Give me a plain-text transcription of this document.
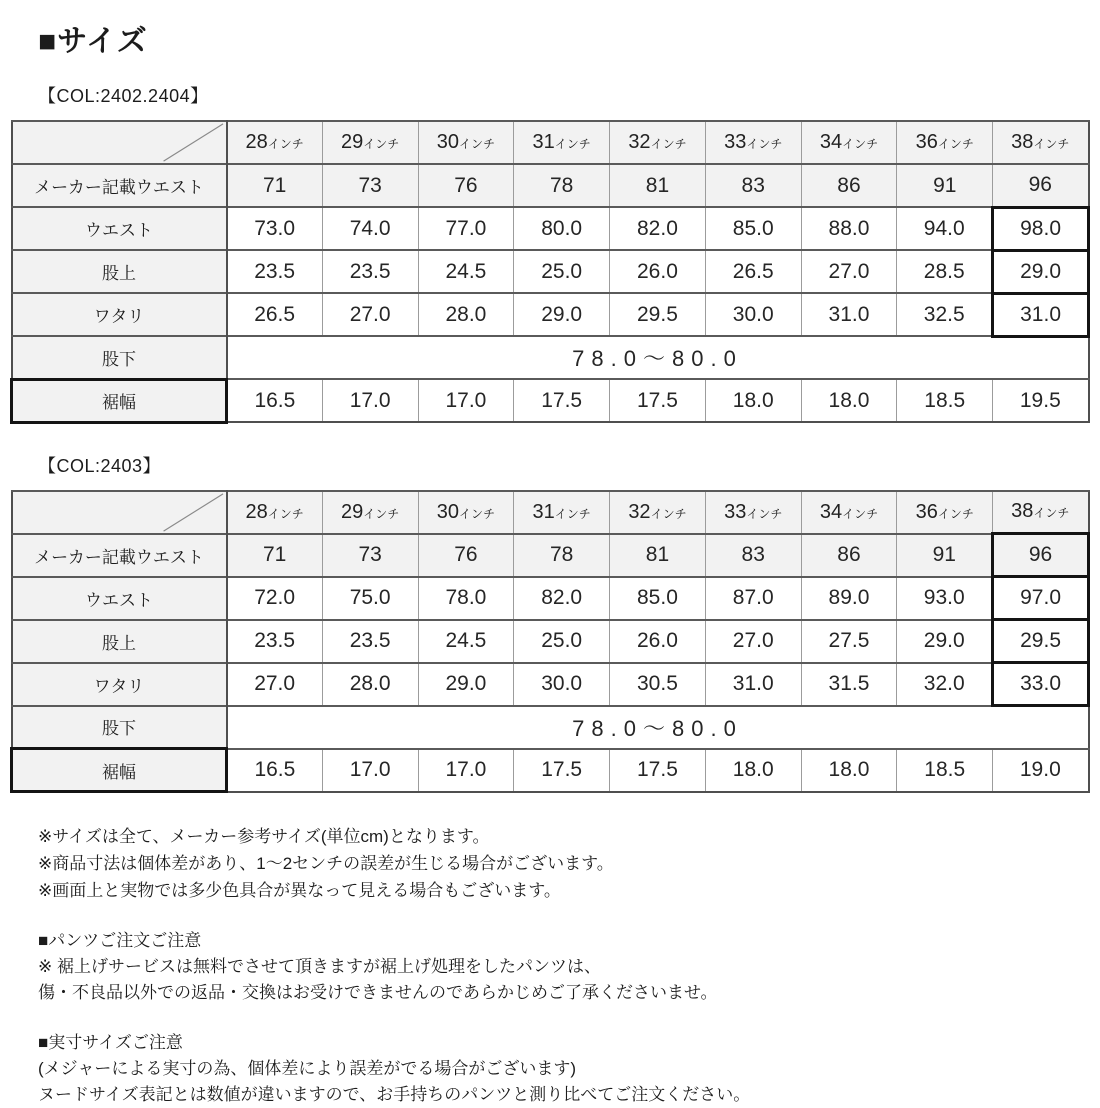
■サイズ
【COL:2402.2404】
	28インチ	29インチ	30インチ	31インチ	32インチ	33インチ	34インチ	36インチ	38インチ
メーカー記載ウエスト	71	73	76	78	81	83	86	91	96
ウエスト	73.0	74.0	77.0	80.0	82.0	85.0	88.0	94.0	98.0
股上	23.5	23.5	24.5	25.0	26.0	26.5	27.0	28.5	29.0
ワタリ	26.5	27.0	28.0	29.0	29.5	30.0	31.0	32.5	31.0
股下	78.0～80.0								
裾幅	16.5	17.0	17.0	17.5	17.5	18.0	18.0	18.5	19.5
【COL:2403】
	28インチ	29インチ	30インチ	31インチ	32インチ	33インチ	34インチ	36インチ	38インチ
メーカー記載ウエスト	71	73	76	78	81	83	86	91	96
ウエスト	72.0	75.0	78.0	82.0	85.0	87.0	89.0	93.0	97.0
股上	23.5	23.5	24.5	25.0	26.0	27.0	27.5	29.0	29.5
ワタリ	27.0	28.0	29.0	30.0	30.5	31.0	31.5	32.0	33.0
股下	78.0～80.0								
裾幅	16.5	17.0	17.0	17.5	17.5	18.0	18.0	18.5	19.0

※サイズは全て、メーカー参考サイズ(単位cm)となります。

※商品寸法は個体差があり、1～2センチの誤差が生じる場合がございます。

※画面上と実物では多少色具合が異なって見える場合もございます。

■パンツご注文ご注意

※ 裾上げサービスは無料でさせて頂きますが裾上げ処理をしたパンツは、

傷・不良品以外での返品・交換はお受けできませんのであらかじめご了承くださいませ。

■実寸サイズご注意

(メジャーによる実寸の為、個体差により誤差がでる場合がございます)

ヌードサイズ表記とは数値が違いますので、お手持ちのパンツと測り比べてご注文ください。
